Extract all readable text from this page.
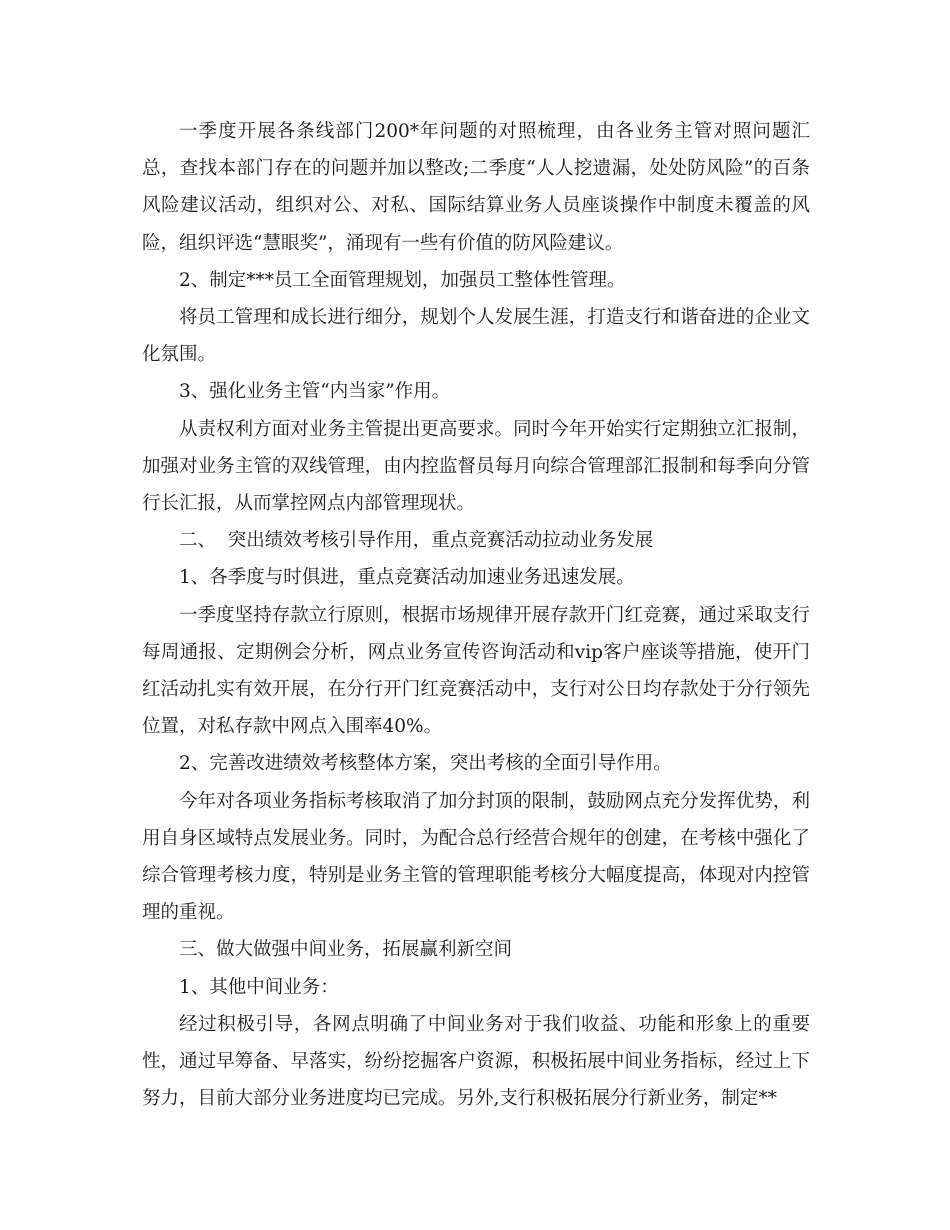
一季度开展各条线部门200*年问题的对照梳理，由各业务主管对照问题汇总，查找本部门存在的问题并加以整改;二季度“人人挖遗漏，处处防风险”的百条风险建议活动，组织对公、对私、国际结算业务人员座谈操作中制度未覆盖的风险，组织评选“慧眼奖”，涌现有一些有价值的防风险建议。

2、制定***员工全面管理规划，加强员工整体性管理。

将员工管理和成长进行细分，规划个人发展生涯，打造支行和谐奋进的企业文化氛围。

3、强化业务主管“内当家”作用。

从责权利方面对业务主管提出更高要求。同时今年开始实行定期独立汇报制，加强对业务主管的双线管理，由内控监督员每月向综合管理部汇报制和每季向分管行长汇报，从而掌控网点内部管理现状。

二、  突出绩效考核引导作用，重点竞赛活动拉动业务发展

1、各季度与时俱进，重点竞赛活动加速业务迅速发展。

一季度坚持存款立行原则，根据市场规律开展存款开门红竞赛，通过采取支行每周通报、定期例会分析，网点业务宣传咨询活动和vip客户座谈等措施，使开门红活动扎实有效开展，在分行开门红竞赛活动中，支行对公日均存款处于分行领先位置，对私存款中网点入围率40%。

2、完善改进绩效考核整体方案，突出考核的全面引导作用。

今年对各项业务指标考核取消了加分封顶的限制，鼓励网点充分发挥优势，利用自身区域特点发展业务。同时，为配合总行经营合规年的创建，在考核中强化了综合管理考核力度，特别是业务主管的管理职能考核分大幅度提高，体现对内控管理的重视。

三、做大做强中间业务，拓展赢利新空间

1、其他中间业务：

经过积极引导，各网点明确了中间业务对于我们收益、功能和形象上的重要性，通过早筹备、早落实，纷纷挖掘客户资源，积极拓展中间业务指标，经过上下努力，目前大部分业务进度均已完成。另外,支行积极拓展分行新业务，制定**
